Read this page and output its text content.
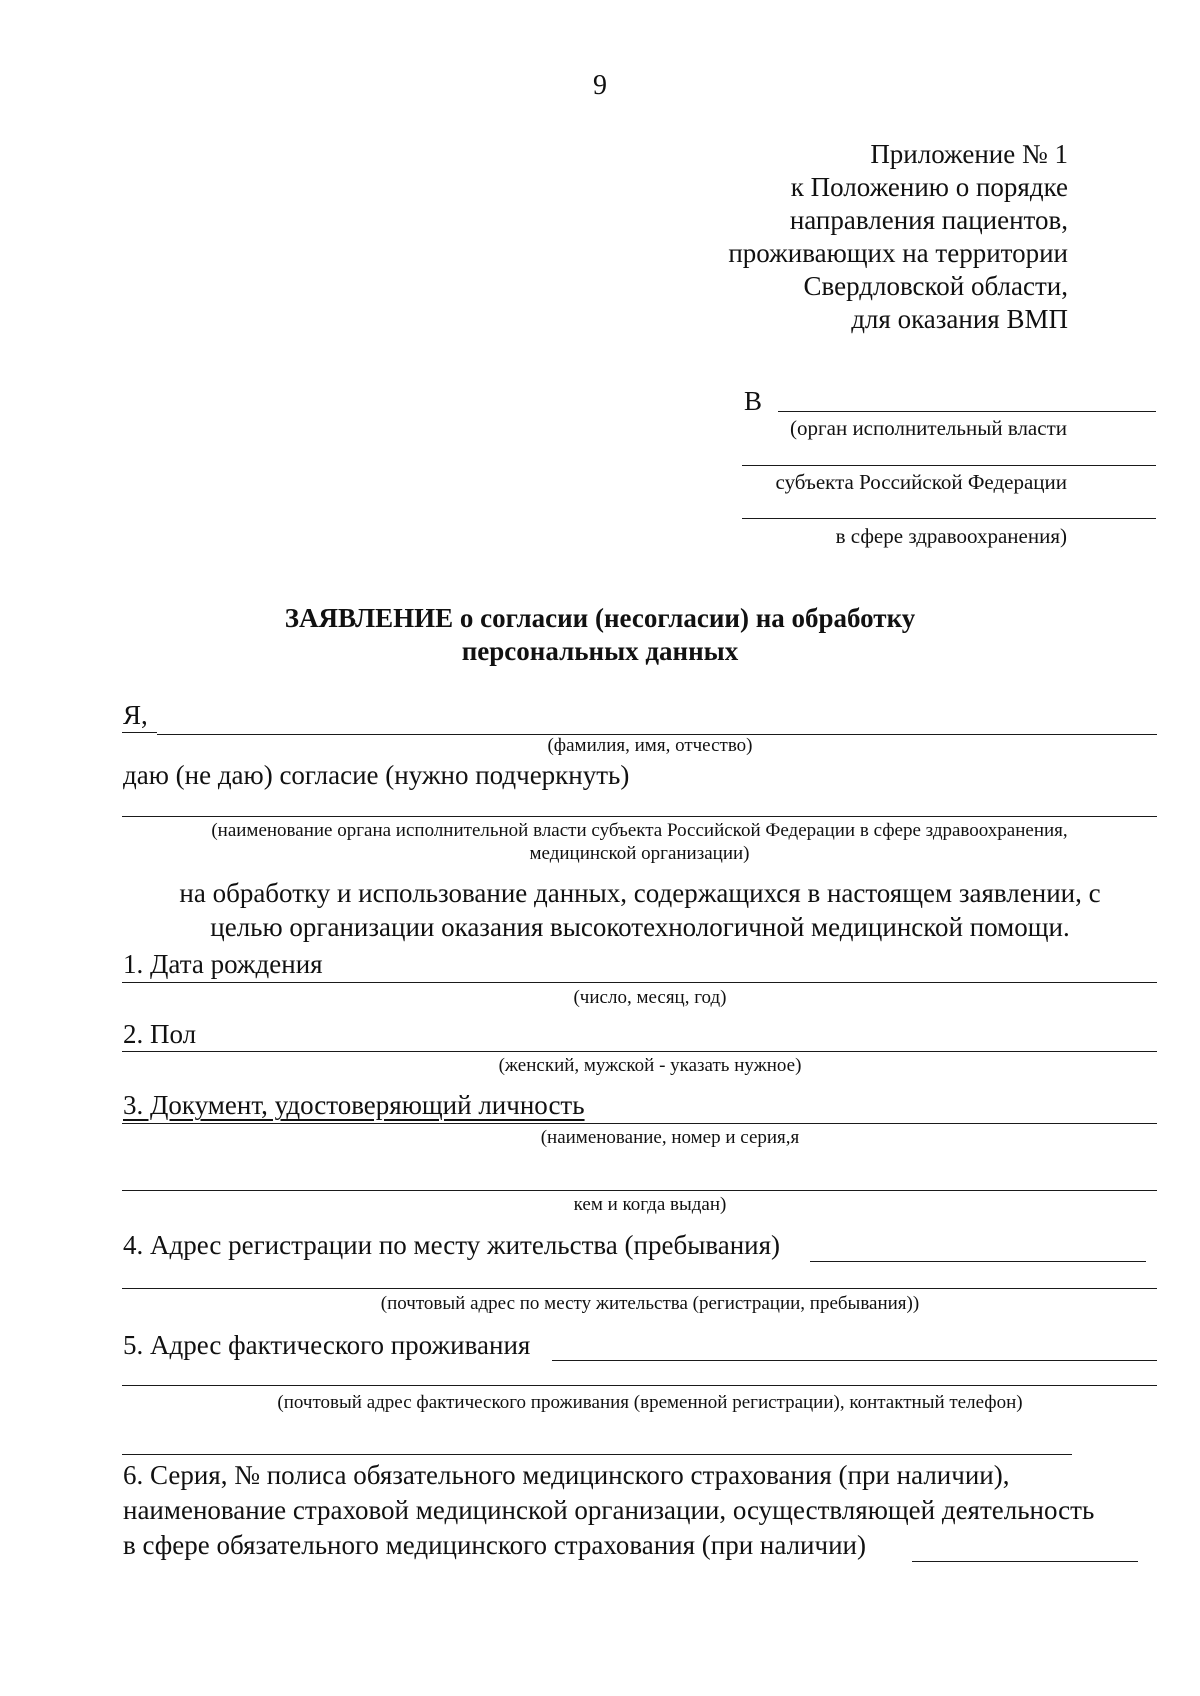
9
Приложение № 1
к Положению о порядке
направления пациентов,
проживающих на территории
Свердловской области,
для оказания ВМП
В
(орган исполнительный власти
субъекта Российской Федерации
в сфере здравоохранения)
ЗАЯВЛЕНИЕ о согласии (несогласии) на обработку
персональных данных
Я,
(фамилия, имя, отчество)
даю (не даю) согласие (нужно подчеркнуть)
(наименование органа исполнительной власти субъекта Российской Федерации в сфере здравоохранения,
медицинской организации)
на обработку и использование данных, содержащихся в настоящем заявлении, с
целью организации оказания высокотехнологичной медицинской помощи.
1. Дата рождения
(число, месяц, год)
2. Пол
(женский, мужской - указать нужное)
3. Документ, удостоверяющий личность
(наименование, номер и серия,я
кем и когда выдан)
4. Адрес регистрации по месту жительства (пребывания)
(почтовый адрес по месту жительства (регистрации, пребывания))
5. Адрес фактического проживания
(почтовый адрес фактического проживания (временной регистрации), контактный телефон)
6. Серия, № полиса обязательного медицинского страхования (при наличии),
наименование страховой медицинской организации, осуществляющей деятельность
в сфере обязательного медицинского страхования (при наличии)
